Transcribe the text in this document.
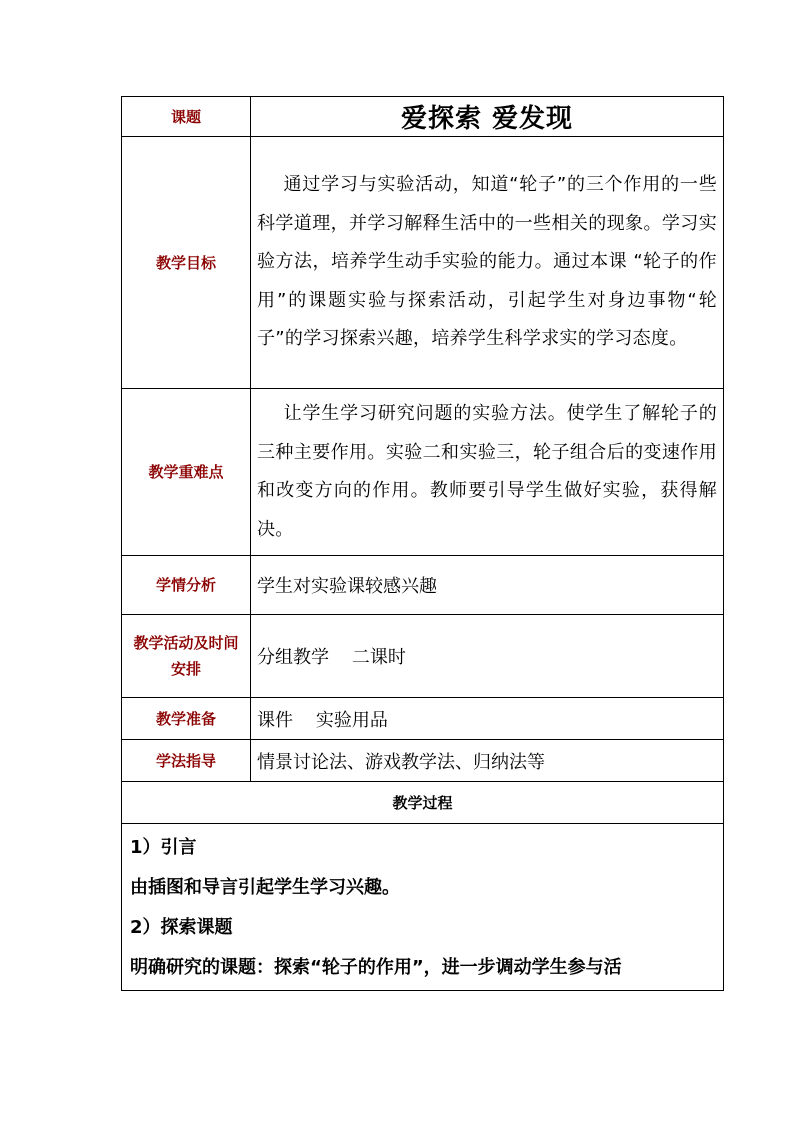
课题	爱探索 爱发现
教学目标	通过学习与实验活动，知道“轮子”的三个作用的一些科学道理，并学习解释生活中的一些相关的现象。学习实验方法，培养学生动手实验的能力。通过本课 “轮子的作用”的课题实验与探索活动，引起学生对身边事物“轮子”的学习探索兴趣，培养学生科学求实的学习态度。
教学重难点	让学生学习研究问题的实验方法。使学生了解轮子的三种主要作用。实验二和实验三，轮子组合后的变速作用和改变方向的作用。教师要引导学生做好实验，获得解决。
学情分析	学生对实验课较感兴趣
教学活动及时间安排	分组教学    二课时
教学准备	课件    实验用品
学法指导	情景讨论法、游戏教学法、归纳法等
教学过程	

1）引言
由插图和导言引起学生学习兴趣。
2）探索课题
明确研究的课题：探索“轮子的作用”，进一步调动学生参与活	
